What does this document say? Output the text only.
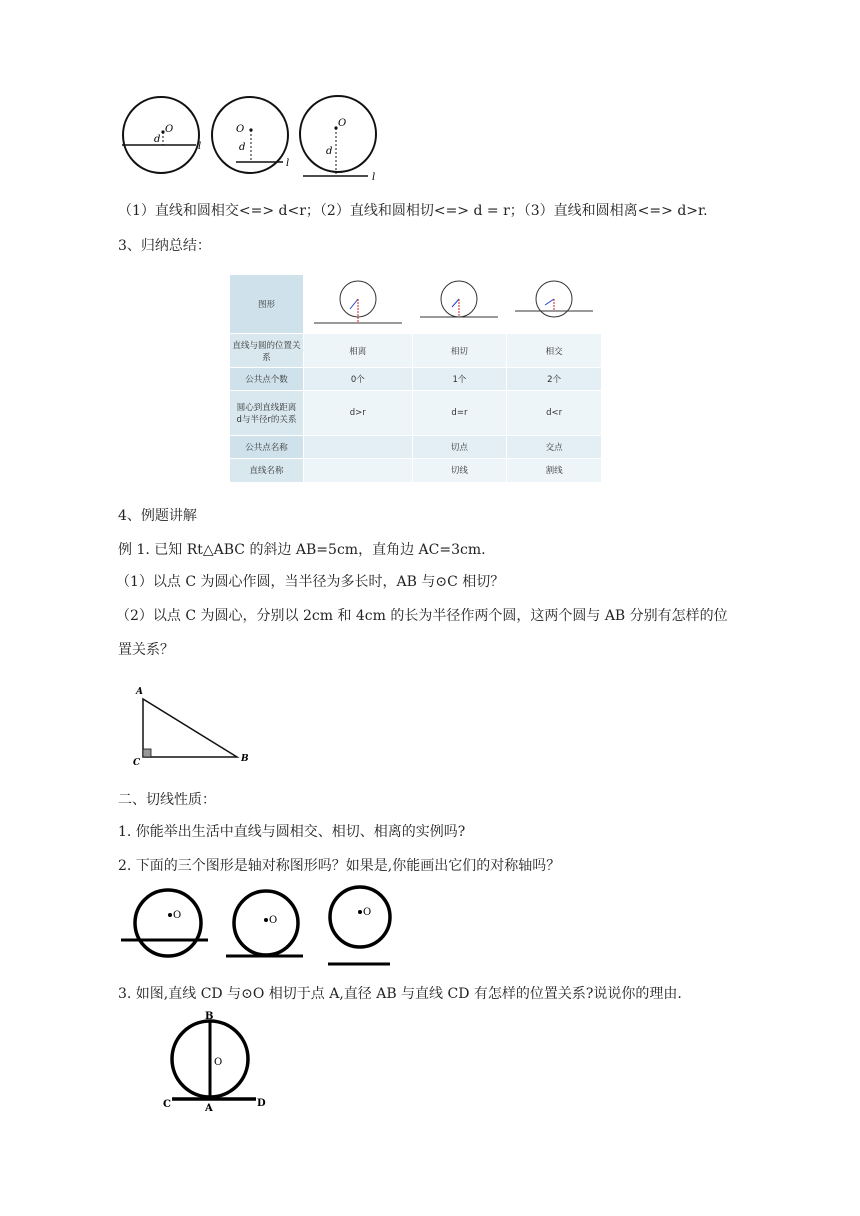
O
d
l
O
d
l
O
d
l
（1）直线和圆相交<=> d<r；（2）直线和圆相切<=> d = r；（3）直线和圆相离<=> d>r.
3、归纳总结：
图形			
直线与圆的位置关系	相离	相切	相交
公共点个数	0个	1个	2个
圆心到直线距离d与半径r的关系	d>r	d=r	d<r
公共点名称		切点	交点
直线名称		切线	割线
4、例题讲解
例 1. 已知 Rt△ABC 的斜边 AB=5cm，直角边 AC=3cm.
（1）以点 C 为圆心作圆，当半径为多长时，AB 与⊙C 相切？
（2）以点 C 为圆心，分别以 2cm 和 4cm 的长为半径作两个圆，这两个圆与 AB 分别有怎样的位
置关系？
A
C	B
二、切线性质：
1. 你能举出生活中直线与圆相交、相切、相离的实例吗?
2. 下面的三个图形是轴对称图形吗？如果是,你能画出它们的对称轴吗？
O	O
O
3. 如图,直线 CD 与⊙O 相切于点 A,直径 AB 与直线 CD 有怎样的位置关系?说说你的理由.
B
O
C	A	D
